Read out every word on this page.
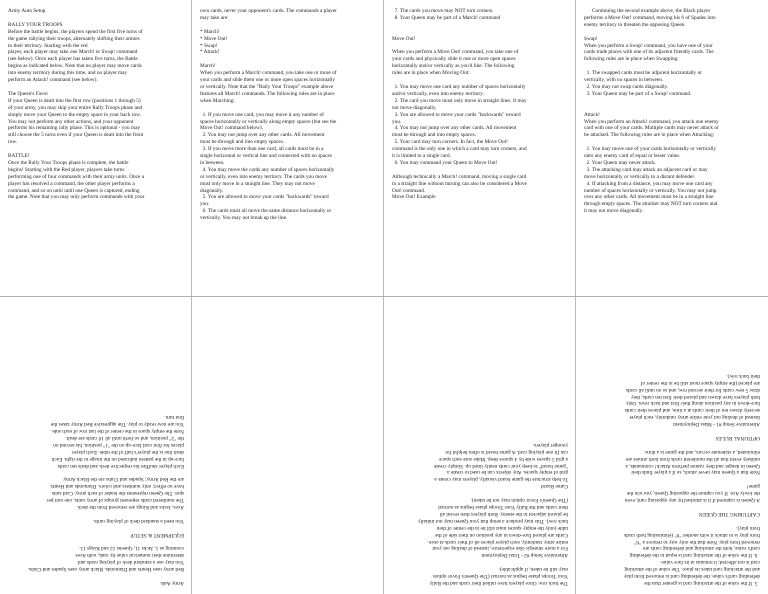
Army Auto Setup

RALLY YOUR TROOPS
Before the battle begins, the players spend the first five turns of
the game rallying their troops, alternately shifting their armies
to their territory. Starting with the red
player, each player may take one March! or Swap! command
(see below). Once each player has taken five turns, the Battle
begins as indicated below. Note that no player may move cards
into enemy territory during this time, and no player may
perform an Attack! command (see below).

The Queen's Favor
If your Queen is dealt into the first row (positions 1 through 5)
of your army, you may skip your entire Rally Troops phase and
simply move your Queen to the empty space in your back row.
You may not perform any other actions, and your opponent
performs his remaining rally phase. This is optional - you may
still choose the 5 turns even if your Queen is dealt into the front
row.

BATTLE!
Once the Rally Your Troops phase is complete, the battle
begins! Starting with the Red player, players take turns
performing one of four commands with their army units. Once a
player has resolved a command, the other player performs a
command, and so on until until one Queen is captured, ending
the game. Note that you may only perform commands with your
own cards, never your opponent's cards. The commands a player
may take are:

* March!
* Move Out!
* Swap!
* Attack!

March!
When you perform a March! command, you take one or more of
your cards and slide them one or more open spaces horizontally
or vertically. Note that the "Rally Your Troops" example above
features all March! commands. The following rules are in place
when Marching:

1. If you move one card, you may move it any number of
spaces horizontally or vertically along empty spaces (but see the
Move Out! command below).
2. You may not jump over any other cards. All movement
must be through and into empty spaces.
3. If you move more than one card, all cards must be in a
single horizontal or vertical line and connected with no spaces
in between.
4. You may move the cards any number of spaces horizontally
or vertically, even into enemy territory. The cards you move
must only move in a straight line. They may not move
diagonally.
5. You are allowed to move your cards "backwards" toward
you.
6. The cards must all move the same distance horizontally or
vertically. You may not break up the line.
7. The cards you move may NOT turn corners.
8. Your Queen may be part of a March! command

Move Out!

When you perform a Move Out! command, you take one of
your cards and physically slide it one or more open spaces
horizontally and/or vertically as you'd like. The following
rules are in place when Moving Out:

1. You may move one card any number of spaces horizontally
and/or vertically, even into enemy territory.
2. The card you move must only move in straight lines. It may
not move diagonally.
3. You are allowed to move your cards "backwards" toward
you.
4. You may not jump over any other cards. All movement
must be through and into empty spaces.
5. Your card may turn corners. In fact, the Move Out!
command is the only one in which a card may turn corners, and
it is limited to a single card.
6. You may command your Queen to Move Out!

Although technically a March! command, moving a single card
in a straight line without turning can also be considered a Move
Out! command.
Move Out! Example
Continuing the second example above, the Black player
performs a Move Out! command, moving his 6 of Spades into
enemy territory to threaten the opposing Queen.

Swap!
When you perform a Swap! command, you have one of your
cards trade places with one of its adjacent friendly cards. The
following rules are in place when Swapping:

1. The swapped cards must be adjacent horizontally or
vertically, with no spaces in between.
2. You may not swap cards diagonally.
3. Your Queen may be part of a Swap! command.

Attack!
When you perform an Attack! command, you attack one enemy
card with one of your cards. Multiple cards may never attack or
be attacked. The following rules are in place when Attacking:

1. You may move one of your cards horizontally or vertically
onto any enemy card of equal or lesser value.
2. Your Queen may never attack.
3. The attacking card may attack an adjacent card or may
move horizontally or vertically to a distant defender.
4. If attacking from a distance, you may move one card any
number of spaces horizontally or vertically. You may not jump
over any other cards. All movement must be in a straight line
through empty spaces. The attacker may NOT turn corners and
it may not move diagonally.
Army Aids

Red army uses Hearts and Diamonds. Black army uses Spades and Clubs.
You may use a standard deck of playing cards and
determine their numerical value by rank, with Aces
counting as 1, Jacks 11, Queens 12 and Kings 13.

EQUIPMENT & SETUP

You need a standard deck of playing cards.

Aces, Jacks and Kings are removed from the deck.
The numbered cards represent groups of army units, one unit per
spot. The Queen represents the leader of each army. Card suits
have no effect; only numbers and colors. Diamonds and Hearts
are the Red Army; Spades and Clubs are the Black Army.

Each player shuffles his respective deck and deals ten cards
face-up in the pattern indicated on the image to the right. Each
dealt line is the player's half of the table. Each player
places his first card face-up on the "1" position, his second on
the "2" position, and so forth until all 10 cards are dealt.
Note the empty space in the center of the last row of each side.
You are now ready to play. The aggressive Red Army takes the
first turn.
The back row. Once players have rallied their cards and the Rally
Your Troops phase begins as normal (The Queen's Favor option
may still be taken, if applicable).

Alternative Setup #2 - Total Deployment
For a more strategic-like experience, instead of dealing out your
entire army randomly, each player places all of their cards at once.
Cards are placed face-down in any position on their side of the
table (only the empty spaces must still be in the center of their
back row). This may produce a setup that your Queen may not initially
be placed adjacent to the enemy. Both players then reveal all
their cards and the Rally Your Troops phase begins as normal
(The Queen's Favor option may not be taken).

Game Board
To help structure the game board visually, players may create a
grid of empty spaces. Any objects can be used to create a
"game board" to keep your cards neatly lined up. Simply create
a grid 5 spaces wide by 4 spaces deep. Make sure each space
can fit one playing card. A game board is often helpful for
younger players.
5. If the value of the attacking card is greater than the
defending card's value, the defending card is removed from play
and the attacking card takes its place. The value of the attacking
card is not affected; it remains at its face value.
6. If the value of the attacking card is equal to the defending
card's value, both the attacking and defending cards are
removed from play. Note that the only way to remove a "6"
from play is to attack it with another "6" (eliminating both cards
from play).

CAPTURING THE QUEEN

A Queen is captured if it is attacked by any opposing card, even
the lowly Ace. If you capture the opposing Queen, you win the
game!

Note that a Queen may never attack, so if a player finds their
Queen in danger and they cannot perform Attack! commands, a
unlikely event that all the numbered cards from both armies are
eliminated, a stalemate occurs, and the game is a draw.

OPTIONAL RULES

Alternative Setup #1 - Mass Deployment
Instead of dealing out your entire army randomly, each player
secretly draws ten of their cards at a time, and places their cards
face-down in any position along their first and back rows. Only
both players have drawn and placed their first ten cards, they
draw 5 new cards for their second row, and so on until all cards
are placed (the empty space must still be in the center of
their back row).
